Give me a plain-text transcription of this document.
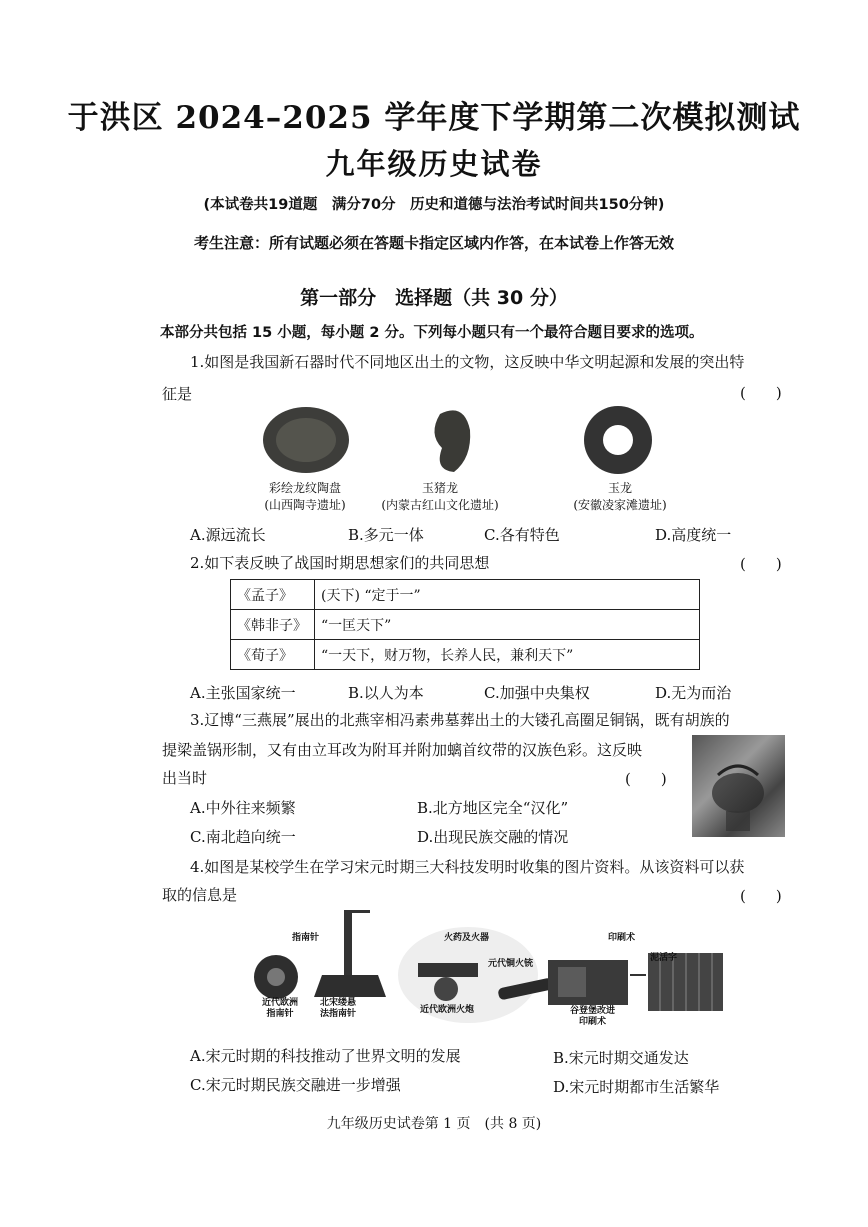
于洪区 2024–2025 学年度下学期第二次模拟测试
九年级历史试卷
(本试卷共19道题　满分70分　历史和道德与法治考试时间共150分钟)
考生注意：所有试题必须在答题卡指定区域内作答，在本试卷上作答无效
第一部分　选择题（共 30 分）
本部分共包括 15 小题，每小题 2 分。下列每小题只有一个最符合题目要求的选项。
1.如图是我国新石器时代不同地区出土的文物，这反映中华文明起源和发展的突出特
征是	(　　)
彩绘龙纹陶盘
(山西陶寺遗址)
玉猪龙
(内蒙古红山文化遗址)
玉龙
(安徽凌家滩遗址)
A.源远流长	B.多元一体	C.各有特色	D.高度统一
2.如下表反映了战国时期思想家们的共同思想	(　　)
《孟子》	(天下) “定于一”
《韩非子》	“一匡天下”
《荀子》	“一天下，财万物，长养人民，兼利天下”
A.主张国家统一	B.以人为本	C.加强中央集权	D.无为而治
3.辽博“三燕展”展出的北燕宰相冯素弗墓葬出土的大镂孔高圈足铜锅，既有胡族的
提梁盖锅形制，又有由立耳改为附耳并附加螭首纹带的汉族色彩。这反映
出当时	(　　)
A.中外往来频繁	B.北方地区完全“汉化”
C.南北趋向统一	D.出现民族交融的情况
4.如图是某校学生在学习宋元时期三大科技发明时收集的图片资料。从该资料可以获
取的信息是	(　　)
指南针
近代欧洲
指南针
北宋缕悬
法指南针
火药及火器
元代铜火铳
近代欧洲火炮
印刷术
泥活字
谷登堡改进
印刷术
A.宋元时期的科技推动了世界文明的发展	B.宋元时期交通发达
C.宋元时期民族交融进一步增强	D.宋元时期都市生活繁华
九年级历史试卷第 1 页　(共 8 页)
